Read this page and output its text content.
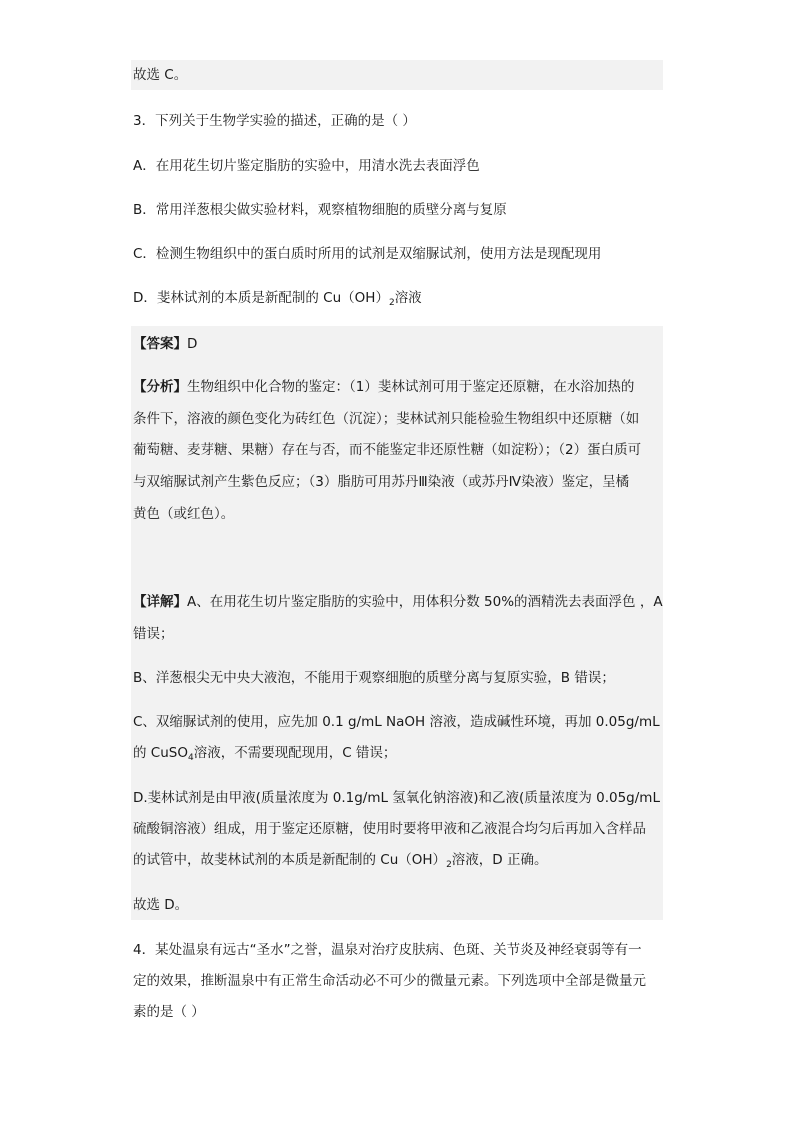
故选 C。
3．下列关于生物学实验的描述，正确的是（ ）
A．在用花生切片鉴定脂肪的实验中，用清水洗去表面浮色
B．常用洋葱根尖做实验材料，观察植物细胞的质壁分离与复原
C．检测生物组织中的蛋白质时所用的试剂是双缩脲试剂，使用方法是现配现用
D．斐林试剂的本质是新配制的 $Cu(OH)_2$溶液
【答案】D
【分析】生物组织中化合物的鉴定：（1）斐林试剂可用于鉴定还原糖，在水浴加热的
条件下，溶液的颜色变化为砖红色（沉淀）；斐林试剂只能检验生物组织中还原糖（如
葡萄糖、麦芽糖、果糖）存在与否，而不能鉴定非还原性糖（如淀粉）；（2）蛋白质可
与双缩脲试剂产生紫色反应；（3）脂肪可用苏丹Ⅲ染液（或苏丹Ⅳ染液）鉴定，呈橘
黄色（或红色）。
【详解】A、在用花生切片鉴定脂肪的实验中，用体积分数 50%的酒精洗去表面浮色 ，A
错误；
B、洋葱根尖无中央大液泡，不能用于观察细胞的质壁分离与复原实验，B 错误；
C、双缩脲试剂的使用，应先加 0.1 g/mL NaOH 溶液，造成碱性环境，再加 0.05g/mL
的 CuSO$_4$溶液，不需要现配现用，C 错误；
D.斐林试剂是由甲液(质量浓度为 0.1g/mL 氢氧化钠溶液)和乙液(质量浓度为 0.05g/mL
硫酸铜溶液）组成，用于鉴定还原糖，使用时要将甲液和乙液混合均匀后再加入含样品
的试管中，故斐林试剂的本质是新配制的 $Cu(OH)_2$溶液，D 正确。
故选 D。
4．某处温泉有远古“圣水”之誉，温泉对治疗皮肤病、色斑、关节炎及神经衰弱等有一
定的效果，推断温泉中有正常生命活动必不可少的微量元素。下列选项中全部是微量元
素的是（ ）
